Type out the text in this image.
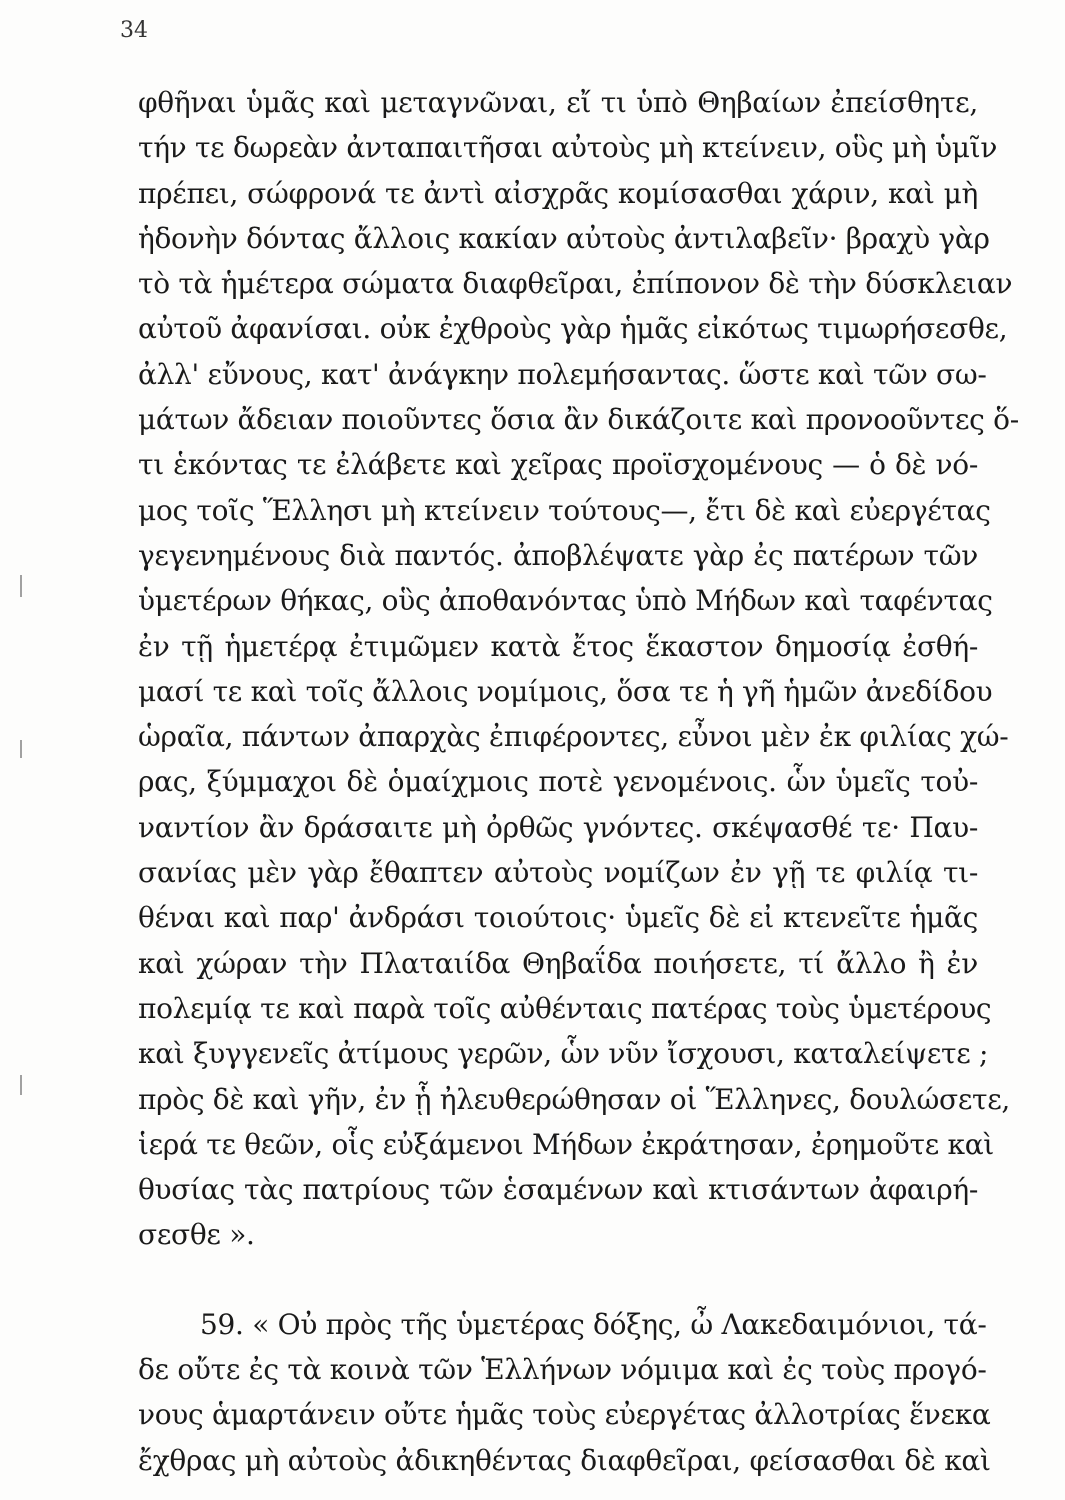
34
φθῆναι ὑμᾶς καὶ μεταγνῶναι, εἴ τι ὑπὸ Θηβαίων ἐπείσθητε,
τήν τε δωρεὰν ἀνταπαιτῆσαι αὐτοὺς μὴ κτείνειν, οὓς μὴ ὑμῖν
πρέπει, σώφρονά τε ἀντὶ αἰσχρᾶς κομίσασθαι χάριν, καὶ μὴ
ἡδονὴν δόντας ἄλλοις κακίαν αὐτοὺς ἀντιλαβεῖν· βραχὺ γὰρ
τὸ τὰ ἡμέτερα σώματα διαφθεῖραι, ἐπίπονον δὲ τὴν δύσκλειαν
αὐτοῦ ἀφανίσαι. οὐκ ἐχθροὺς γὰρ ἡμᾶς εἰκότως τιμωρήσεσθε,
ἀλλ' εὔνους, κατ' ἀνάγκην πολεμήσαντας. ὥστε καὶ τῶν σω-
μάτων ἄδειαν ποιοῦντες ὅσια ἂν δικάζοιτε καὶ προνοοῦντες ὅ-
τι ἑκόντας τε ἐλάβετε καὶ χεῖρας προϊσχομένους — ὁ δὲ νό-
μος τοῖς Ἕλλησι μὴ κτείνειν τούτους—, ἔτι δὲ καὶ εὐεργέτας
γεγενημένους διὰ παντός. ἀποβλέψατε γὰρ ἐς πατέρων τῶν
ὑμετέρων θήκας, οὓς ἀποθανόντας ὑπὸ Μήδων καὶ ταφέντας
ἐν τῇ ἡμετέρᾳ ἐτιμῶμεν κατὰ ἔτος ἕκαστον δημοσίᾳ ἐσθή-
μασί τε καὶ τοῖς ἄλλοις νομίμοις, ὅσα τε ἡ γῆ ἡμῶν ἀνεδίδου
ὡραῖα, πάντων ἀπαρχὰς ἐπιφέροντες, εὖνοι μὲν ἐκ φιλίας χώ-
ρας, ξύμμαχοι δὲ ὁμαίχμοις ποτὲ γενομένοις. ὧν ὑμεῖς τοὐ-
ναντίον ἂν δράσαιτε μὴ ὀρθῶς γνόντες. σκέψασθέ τε· Παυ-
σανίας μὲν γὰρ ἔθαπτεν αὐτοὺς νομίζων ἐν γῇ τε φιλίᾳ τι-
θέναι καὶ παρ' ἀνδράσι τοιούτοις· ὑμεῖς δὲ εἰ κτενεῖτε ἡμᾶς
καὶ χώραν τὴν Πλαταιίδα Θηβαΐδα ποιήσετε, τί ἄλλο ἢ ἐν
πολεμίᾳ τε καὶ παρὰ τοῖς αὐθένταις πατέρας τοὺς ὑμετέρους
καὶ ξυγγενεῖς ἀτίμους γερῶν, ὧν νῦν ἴσχουσι, καταλείψετε ;
πρὸς δὲ καὶ γῆν, ἐν ᾗ ἠλευθερώθησαν οἱ Ἕλληνες, δουλώσετε,
ἱερά τε θεῶν, οἷς εὐξάμενοι Μήδων ἐκράτησαν, ἐρημοῦτε καὶ
θυσίας τὰς πατρίους τῶν ἑσαμένων καὶ κτισάντων ἀφαιρή-
σεσθε ».
59. « Οὐ πρὸς τῆς ὑμετέρας δόξης, ὦ Λακεδαιμόνιοι, τά-
δε οὔτε ἐς τὰ κοινὰ τῶν Ἑλλήνων νόμιμα καὶ ἐς τοὺς προγό-
νους ἁμαρτάνειν οὔτε ἡμᾶς τοὺς εὐεργέτας ἀλλοτρίας ἕνεκα
ἔχθρας μὴ αὐτοὺς ἀδικηθέντας διαφθεῖραι, φείσασθαι δὲ καὶ
